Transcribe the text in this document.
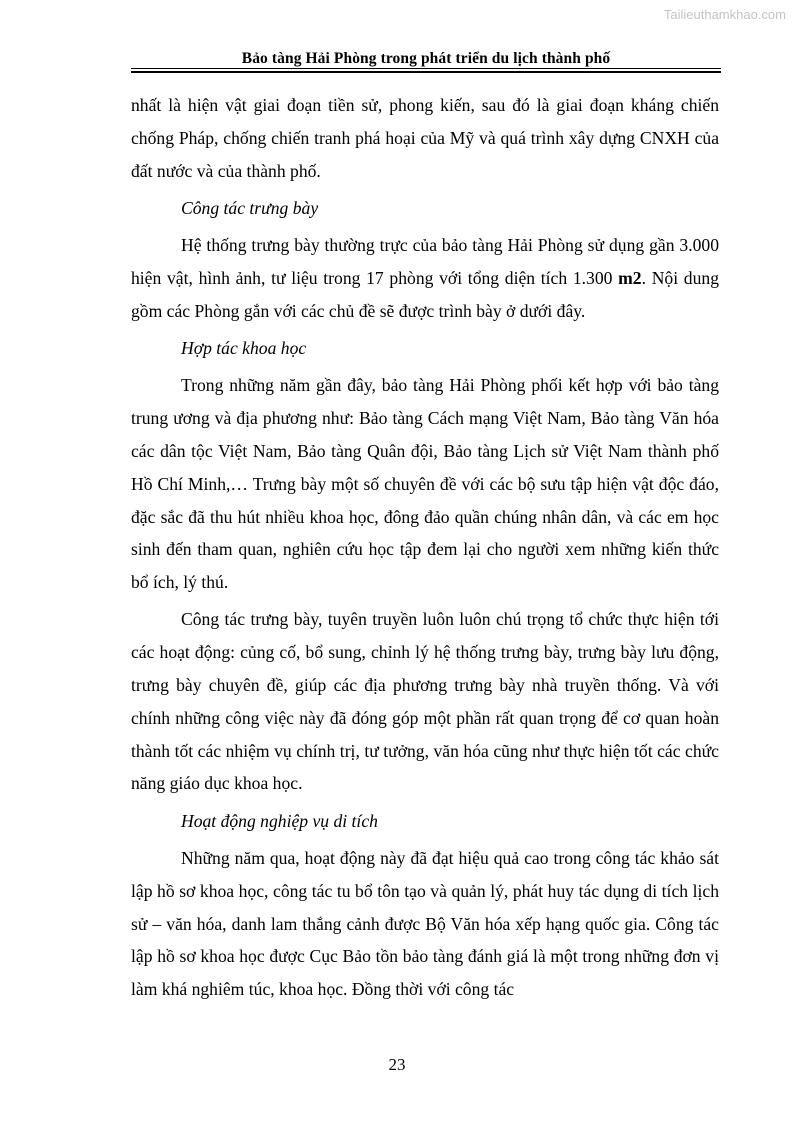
Tailieuthamkhao.com
Bảo tàng Hải Phòng trong phát triển du lịch thành phố

nhất là hiện vật giai đoạn tiền sử, phong kiến, sau đó là giai đoạn kháng chiến chống Pháp, chống chiến tranh phá hoại của Mỹ và quá trình xây dựng CNXH của đất nước và của thành phố.

Công tác trưng bày

Hệ thống trưng bày thường trực của bảo tàng Hải Phòng sử dụng gần 3.000 hiện vật, hình ảnh, tư liệu trong 17 phòng với tổng diện tích 1.300 m2. Nội dung gồm các Phòng gắn với các chủ đề sẽ được trình bày ở dưới đây.

Hợp tác khoa học

Trong những năm gần đây, bảo tàng Hải Phòng phối kết hợp với bảo tàng trung ương và địa phương như: Bảo tàng Cách mạng Việt Nam, Bảo tàng Văn hóa các dân tộc Việt Nam, Bảo tàng Quân đội, Bảo tàng Lịch sử Việt Nam thành phố Hồ Chí Minh,… Trưng bày một số chuyên đề với các bộ sưu tập hiện vật độc đáo, đặc sắc đã thu hút nhiều khoa học, đông đảo quần chúng nhân dân, và các em học sinh đến tham quan, nghiên cứu học tập đem lại cho người xem những kiến thức bổ ích, lý thú.

Công tác trưng bày, tuyên truyền luôn luôn chú trọng tổ chức thực hiện tới các hoạt động: củng cố, bổ sung, chỉnh lý hệ thống trưng bày, trưng bày lưu động, trưng bày chuyên đề, giúp các địa phương trưng bày nhà truyền thống. Và với chính những công việc này đã đóng góp một phần rất quan trọng để cơ quan hoàn thành tốt các nhiệm vụ chính trị, tư tưởng, văn hóa cũng như thực hiện tốt các chức năng giáo dục khoa học.

Hoạt động nghiệp vụ di tích

Những năm qua, hoạt động này đã đạt hiệu quả cao trong công tác khảo sát lập hồ sơ khoa học, công tác tu bổ tôn tạo và quản lý, phát huy tác dụng di tích lịch sử – văn hóa, danh lam thắng cảnh được Bộ Văn hóa xếp hạng quốc gia. Công tác lập hồ sơ khoa học được Cục Bảo tồn bảo tàng đánh giá là một trong những đơn vị làm khá nghiêm túc, khoa học. Đồng thời với công tác

23
